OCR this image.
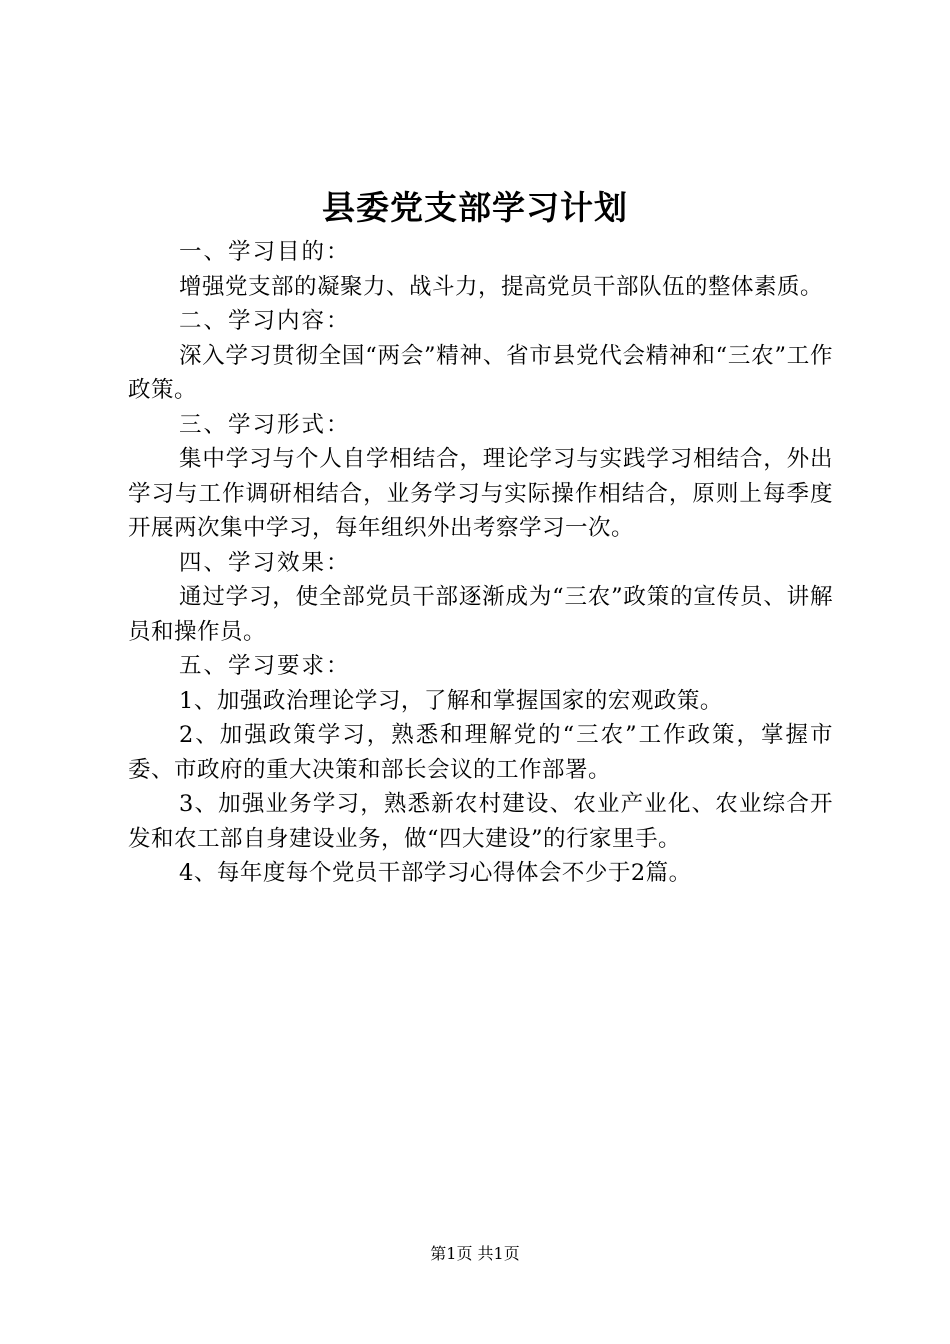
县委党支部学习计划

一、学习目的：

增强党支部的凝聚力、战斗力，提高党员干部队伍的整体素质。

二、学习内容：

深入学习贯彻全国“两会”精神、省市县党代会精神和“三农”工作政策。

三、学习形式：

集中学习与个人自学相结合，理论学习与实践学习相结合，外出学习与工作调研相结合，业务学习与实际操作相结合，原则上每季度开展两次集中学习，每年组织外出考察学习一次。

四、学习效果：

通过学习，使全部党员干部逐渐成为“三农”政策的宣传员、讲解员和操作员。

五、学习要求：

1、加强政治理论学习，了解和掌握国家的宏观政策。

2、加强政策学习，熟悉和理解党的“三农”工作政策，掌握市委、市政府的重大决策和部长会议的工作部署。

3、加强业务学习，熟悉新农村建设、农业产业化、农业综合开发和农工部自身建设业务，做“四大建设”的行家里手。

4、每年度每个党员干部学习心得体会不少于2篇。

第1页 共1页
